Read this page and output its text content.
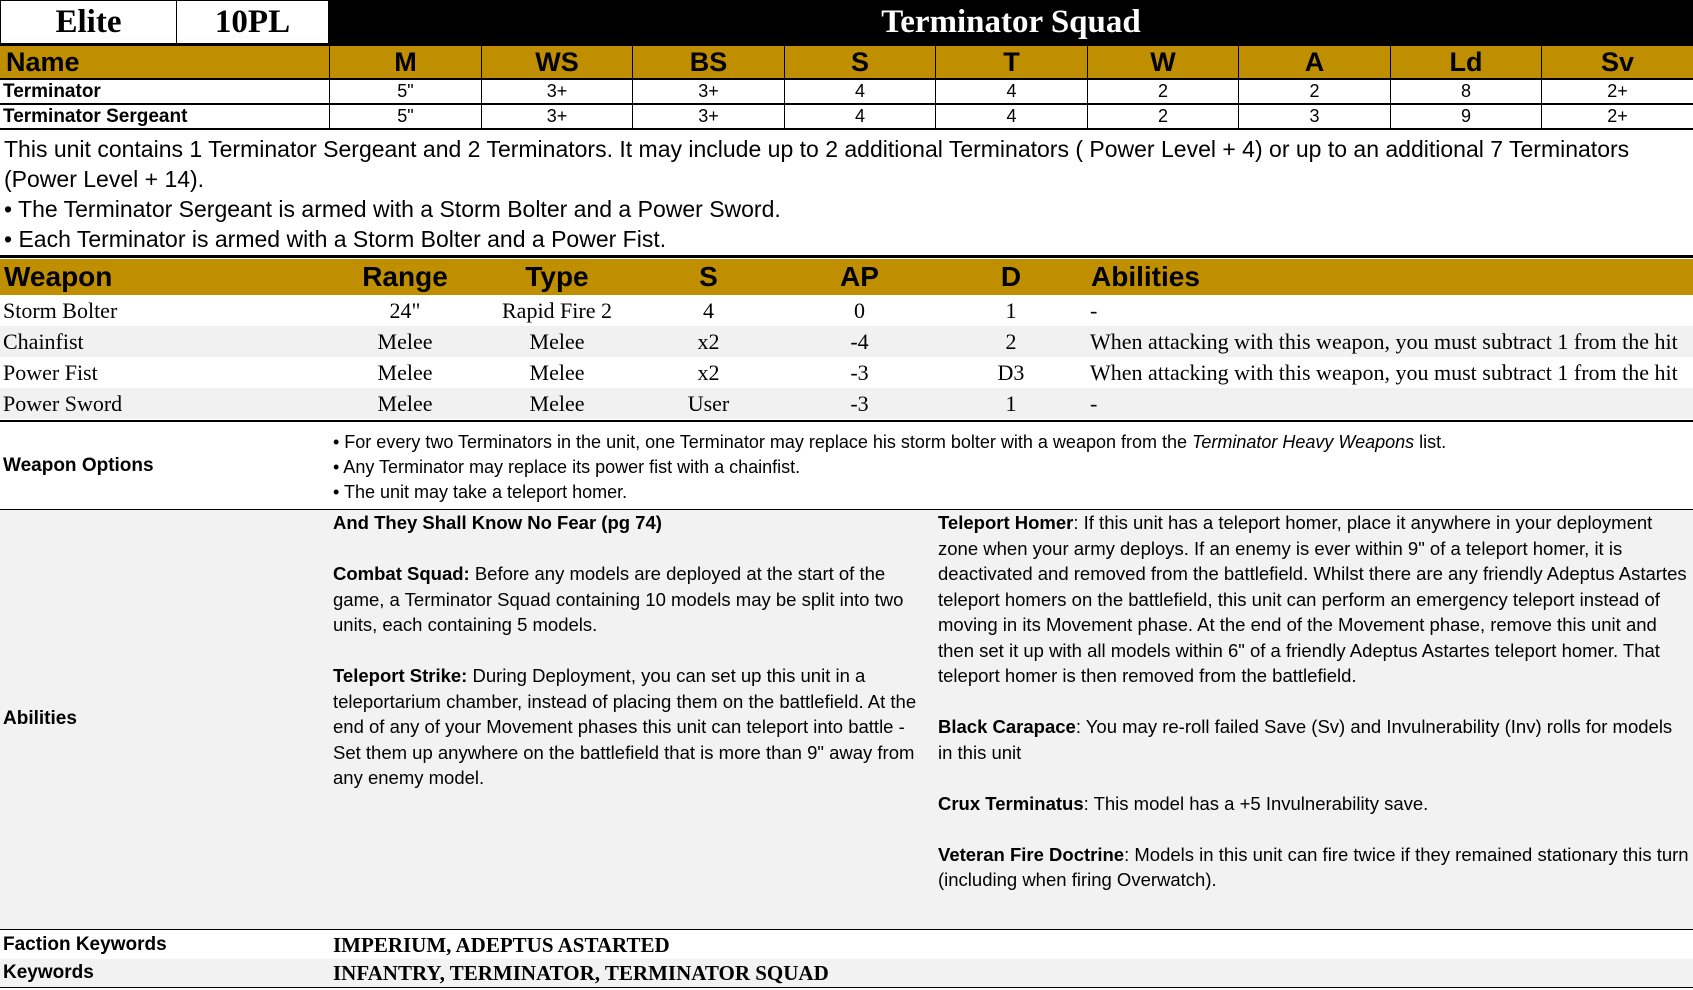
Elite	10PL	Terminator Squad
Name	M	WS	BS	S	T	W	A	Ld	Sv
Terminator	5"	3+	3+	4	4	2	2	8	2+
Terminator Sergeant	5"	3+	3+	4	4	2	3	9	2+

This unit contains 1 Terminator Sergeant and 2 Terminators. It may include up to 2 additional Terminators ( Power Level + 4) or up to an additional 7 Terminators (Power Level + 14).

• The Terminator Sergeant is armed with a Storm Bolter and a Power Sword.

• Each Terminator is armed with a Storm Bolter and a Power Fist.

Weapon	Range	Type	S	AP	D	Abilities
Storm Bolter	24"	Rapid Fire 2	4	0	1	-
Chainfist	Melee	Melee	x2	-4	2	When attacking with this weapon, you must subtract 1 from the hit
Power Fist	Melee	Melee	x2	-3	D3	When attacking with this weapon, you must subtract 1 from the hit
Power Sword	Melee	Melee	User	-3	1	-
Weapon Options
• For every two Terminators in the unit, one Terminator may replace his storm bolter with a weapon from the Terminator Heavy Weapons list.
• Any Terminator may replace its power fist with a chainfist.
• The unit may take a teleport homer.
Abilities

And They Shall Know No Fear (pg 74)

Combat Squad: Before any models are deployed at the start of the game, a Terminator Squad containing 10 models may be split into two units, each containing 5 models.

Teleport Strike: During Deployment, you can set up this unit in a teleportarium chamber, instead of placing them on the battlefield. At the end of any of your Movement phases this unit can teleport into battle - Set them up anywhere on the battlefield that is more than 9" away from any enemy model.

Teleport Homer: If this unit has a teleport homer, place it anywhere in your deployment zone when your army deploys. If an enemy is ever within 9" of a teleport homer, it is deactivated and removed from the battlefield. Whilst there are any friendly Adeptus Astartes teleport homers on the battlefield, this unit can perform an emergency teleport instead of moving in its Movement phase. At the end of the Movement phase, remove this unit and then set it up with all models within 6" of a friendly Adeptus Astartes teleport homer. That teleport homer is then removed from the battlefield.

Black Carapace: You may re-roll failed Save (Sv) and Invulnerability (Inv) rolls for models in this unit

Crux Terminatus: This model has a +5 Invulnerability save.

Veteran Fire Doctrine: Models in this unit can fire twice if they remained stationary this turn (including when firing Overwatch).

Faction Keywords	IMPERIUM, ADEPTUS ASTARTED
Keywords	INFANTRY, TERMINATOR, TERMINATOR SQUAD
